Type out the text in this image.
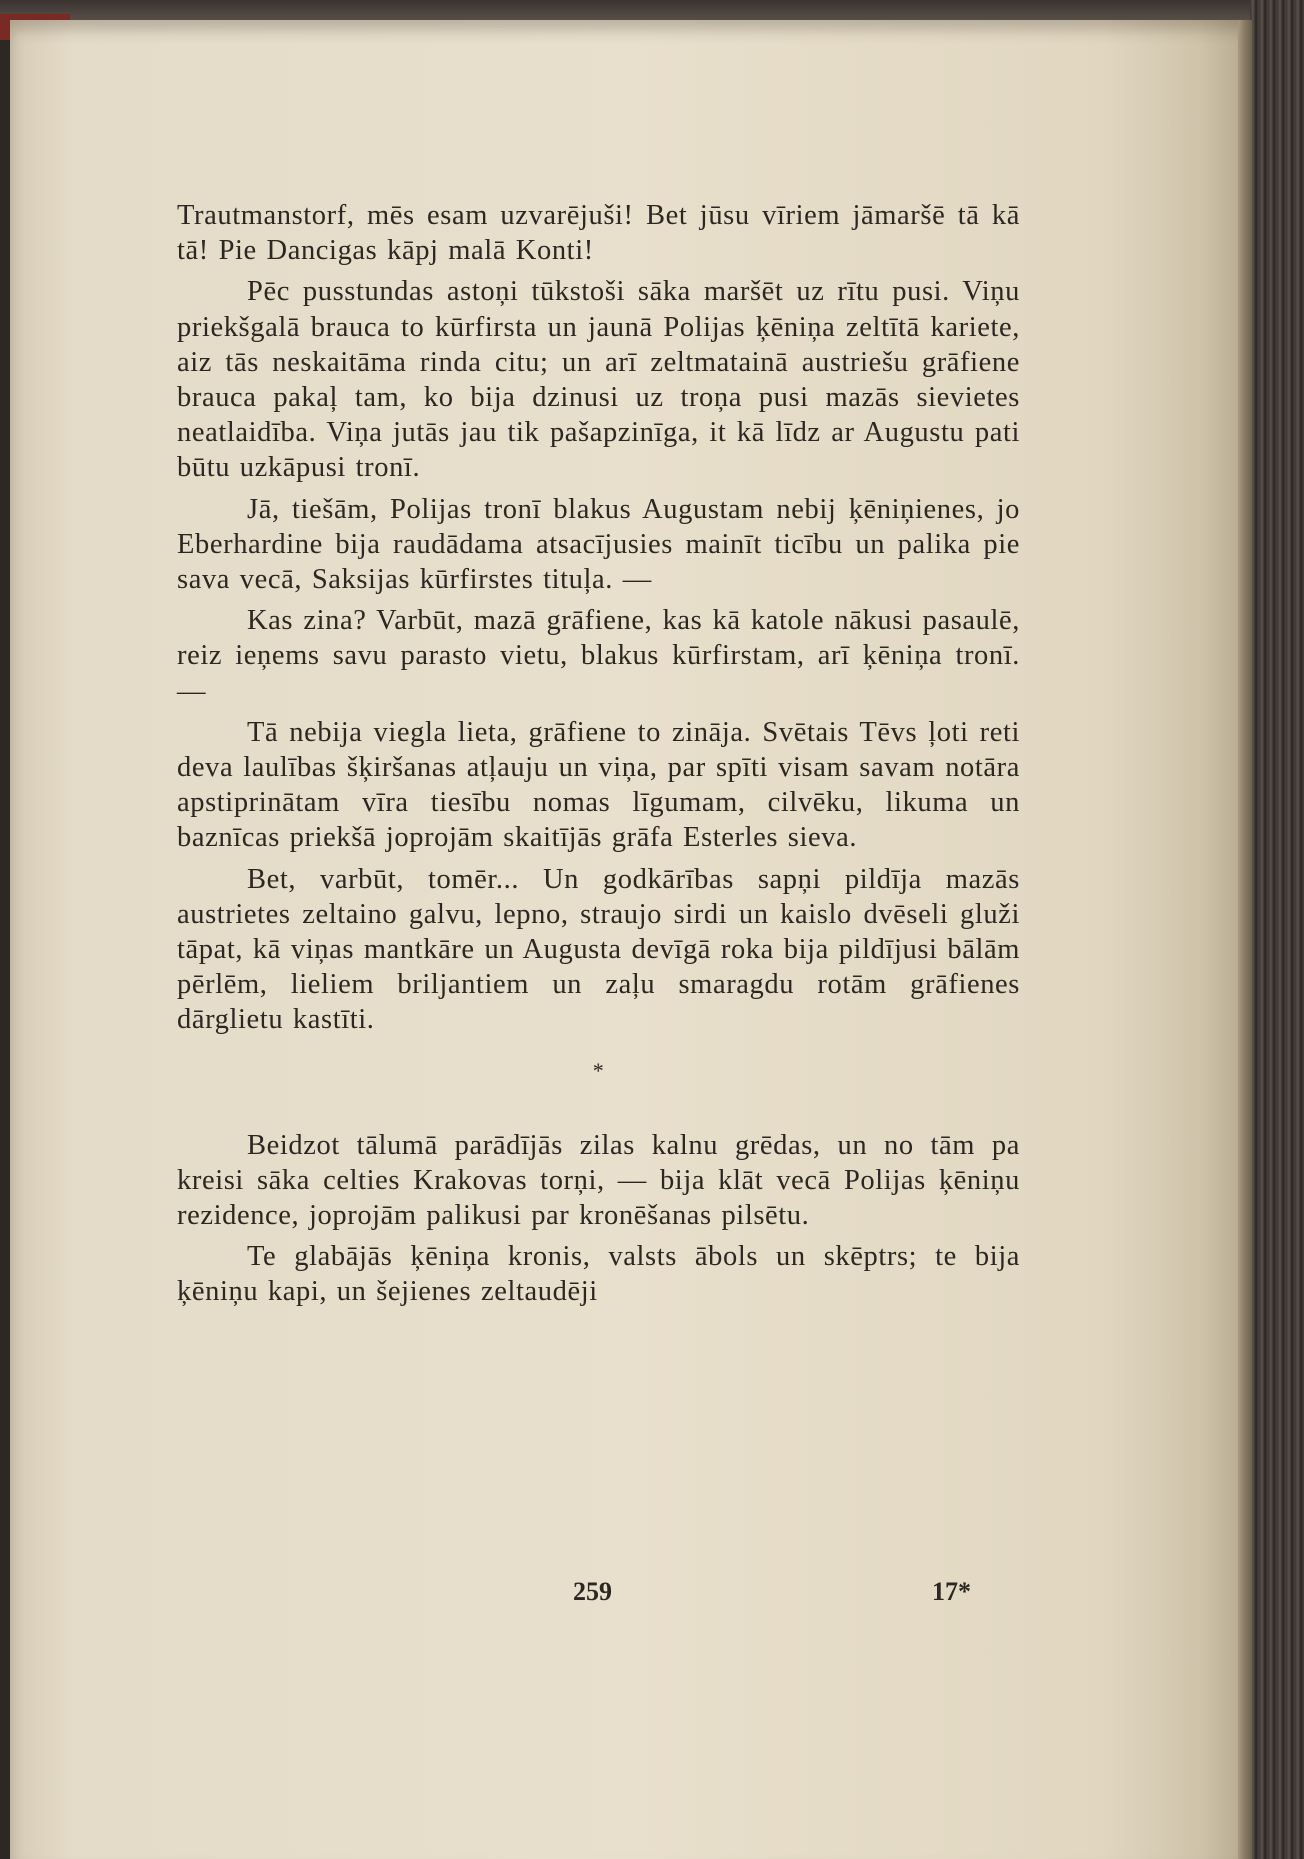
Trautmanstorf, mēs esam uzvarējuši! Bet jūsu vīriem jāmaršē tā kā tā! Pie Dancigas kāpj malā Konti!

Pēc pusstundas astoņi tūkstoši sāka maršēt uz rītu pusi. Viņu priekšgalā brauca to kūrfirsta un jaunā Polijas ķēniņa zeltītā kariete, aiz tās neskaitāma rinda citu; un arī zeltmatainā austriešu grāfiene brauca pakaļ tam, ko bija dzinusi uz troņa pusi mazās sievietes neatlaidība. Viņa jutās jau tik pašapzinīga, it kā līdz ar Augustu pati būtu uzkāpusi tronī.

Jā, tiešām, Polijas tronī blakus Augustam nebij ķēniņienes, jo Eberhardine bija raudādama atsacījusies mainīt ticību un palika pie sava vecā, Saksijas kūrfirstes tituļa. —

Kas zina? Varbūt, mazā grāfiene, kas kā katole nākusi pasaulē, reiz ieņems savu parasto vietu, blakus kūrfirstam, arī ķēniņa tronī. —

Tā nebija viegla lieta, grāfiene to zināja. Svētais Tēvs ļoti reti deva laulības šķiršanas atļauju un viņa, par spīti visam savam notāra apstiprinātam vīra tiesību nomas līgumam, cilvēku, likuma un baznīcas priekšā joprojām skaitījās grāfa Esterles sieva.

Bet, varbūt, tomēr... Un godkārības sapņi pildīja mazās austrietes zeltaino galvu, lepno, straujo sirdi un kaislo dvēseli gluži tāpat, kā viņas mantkāre un Augusta devīgā roka bija pildījusi bālām pērlēm, lieliem briljantiem un zaļu smaragdu rotām grāfienes dārglietu kastīti.

*

Beidzot tālumā parādījās zilas kalnu grēdas, un no tām pa kreisi sāka celties Krakovas torņi, — bija klāt vecā Polijas ķēniņu rezidence, joprojām palikusi par kronēšanas pilsētu.

Te glabājās ķēniņa kronis, valsts ābols un skēptrs; te bija ķēniņu kapi, un šejienes zeltaudēji

259	17*
